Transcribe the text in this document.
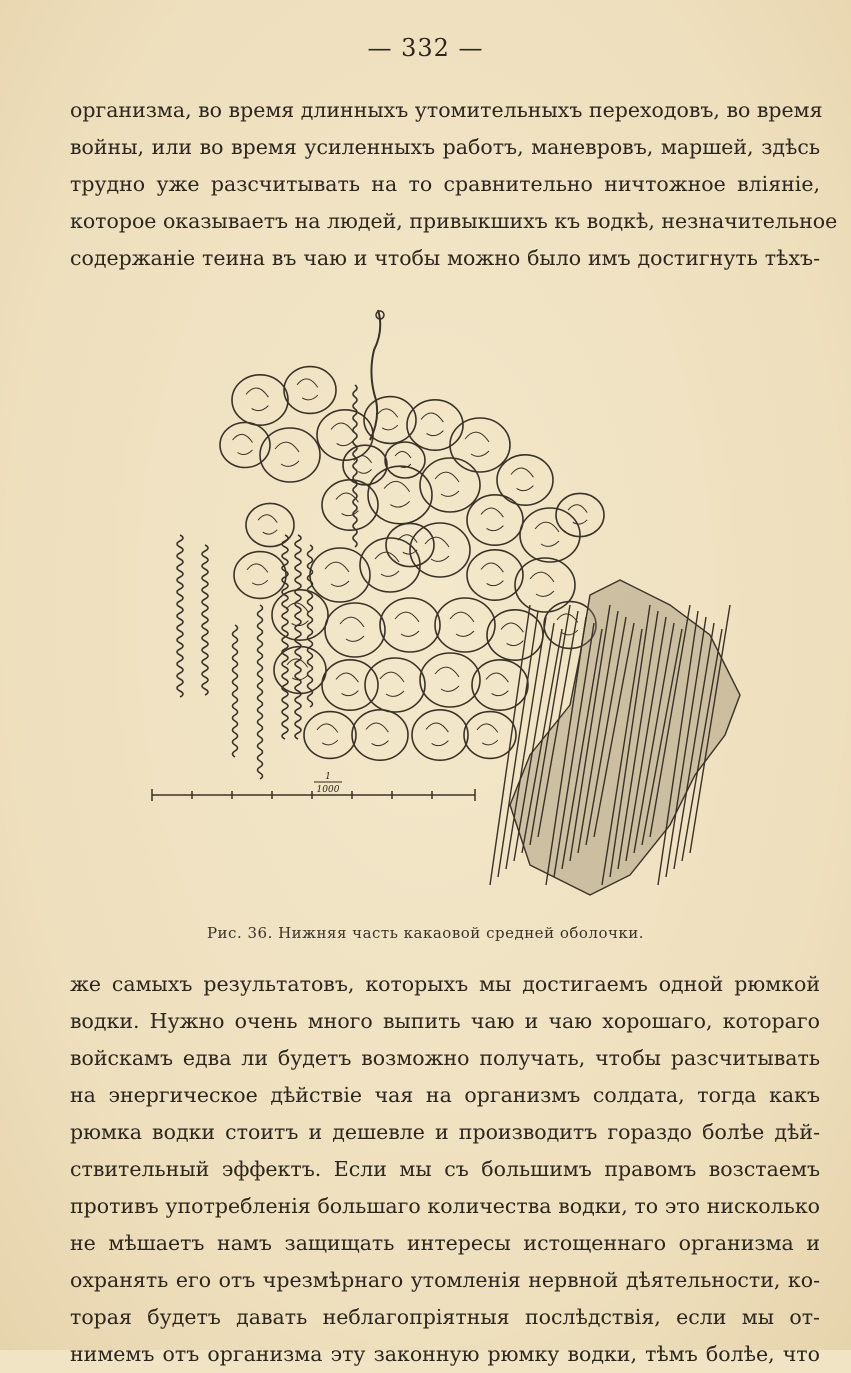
— 332 —
организма, во время длинныхъ утомительныхъ переходовъ, во время
войны, или во время усиленныхъ работъ, маневровъ, маршей, здѣсь
трудно уже разсчитывать на то сравнительно ничтожное вліяніе,
которое оказываетъ на людей, привыкшихъ къ водкѣ, незначительное
содержаніе теина въ чаю и чтобы можно было имъ достигнуть тѣхъ-
1
1000
Рис. 36. Нижняя часть какаовой средней оболочки.
же самыхъ результатовъ, которыхъ мы достигаемъ одной рюмкой
водки. Нужно очень много выпить чаю и чаю хорошаго, котораго
войскамъ едва ли будетъ возможно получать, чтобы разсчитывать
на энергическое дѣйствіе чая на организмъ солдата, тогда какъ
рюмка водки стоитъ и дешевле и производитъ гораздо болѣе дѣй-
ствительный эффектъ. Если мы съ большимъ правомъ возстаемъ
противъ употребленія большаго количества водки, то это нисколько
не мѣшаетъ намъ защищать интересы истощеннаго организма и
охранять его отъ чрезмѣрнаго утомленія нервной дѣятельности, ко-
торая будетъ давать неблагопріятныя послѣдствія, если мы от-
нимемъ отъ организма эту законную рюмку водки, тѣмъ болѣе, что
